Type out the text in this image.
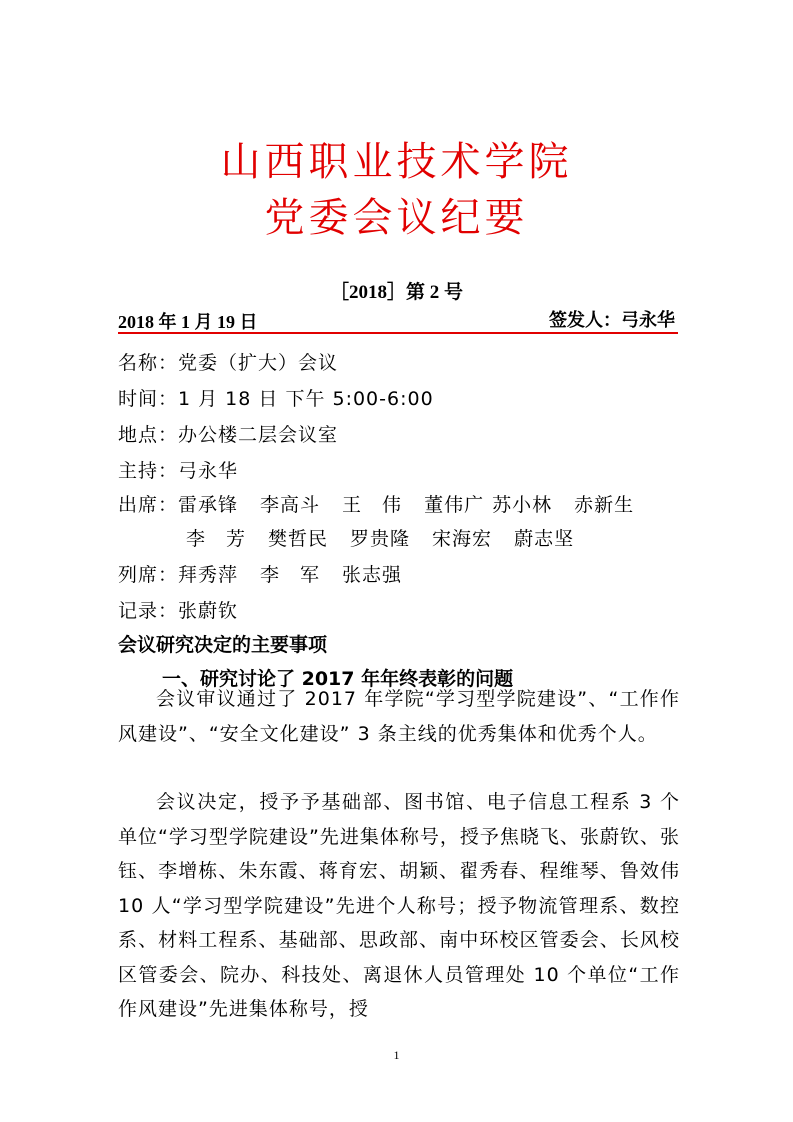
山西职业技术学院
党委会议纪要
［2018］第 2 号
2018 年 1 月 19 日	签发人：弓永华
名称：党委（扩大）会议
时间：1 月 18 日 下午 5:00-6:00
地点：办公楼二层会议室
主持：弓永华
出席：雷承锋 李高斗 王　伟 董伟广 苏小林 赤新生
李　芳 樊哲民 罗贵隆 宋海宏 蔚志坚
列席：拜秀萍 李　军 张志强
记录：张蔚钦
会议研究决定的主要事项
一、研究讨论了 2017 年年终表彰的问题

会议审议通过了 2017 年学院“学习型学院建设”、“工作作风建设”、“安全文化建设” 3 条主线的优秀集体和优秀个人。

会议决定，授予予基础部、图书馆、电子信息工程系 3 个单位“学习型学院建设”先进集体称号，授予焦晓飞、张蔚钦、张钰、李增栋、朱东霞、蒋育宏、胡颖、翟秀春、程维琴、鲁效伟 10 人“学习型学院建设”先进个人称号；授予物流管理系、数控系、材料工程系、基础部、思政部、南中环校区管委会、长风校区管委会、院办、科技处、离退休人员管理处 10 个单位“工作作风建设”先进集体称号，授

1
